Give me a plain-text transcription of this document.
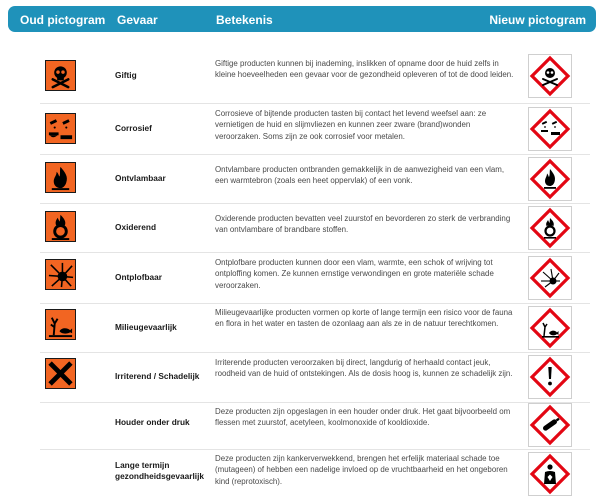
Oud pictogram Gevaar	Betekenis	Nieuw pictogram
Giftig
Giftige producten kunnen bij inademing, inslikken of opname door de huid zelfs in kleine hoeveelheden een gevaar voor de gezondheid opleveren of tot de dood leiden.
Corrosief
Corrosieve of bijtende producten tasten bij contact het levend weefsel aan: ze vernietigen de huid en slijmvliezen en kunnen zeer zware (brand)wonden veroorzaken. Soms zijn ze ook corrosief voor metalen.
Ontvlambaar
Ontvlambare producten ontbranden gemakkelijk in de aanwezigheid van een vlam, een warmtebron (zoals een heet oppervlak) of een vonk.
Oxiderend
Oxiderende producten bevatten veel zuurstof en bevorderen zo sterk de verbranding van ontvlambare of brandbare stoffen.
Ontplofbaar
Ontplofbare producten kunnen door een vlam, warmte, een schok of wrijving tot ontploffing komen. Ze kunnen ernstige verwondingen en grote materiële schade veroorzaken.
Milieugevaarlijk
Milieugevaarlijke producten vormen op korte of lange termijn een risico voor de fauna en flora in het water en tasten de ozonlaag aan als ze in de natuur terechtkomen.
Irriterend / Schadelijk
Irriterende producten veroorzaken bij direct, langdurig of herhaald contact jeuk, roodheid van de huid of ontstekingen. Als de dosis hoog is, kunnen ze schadelijk zijn.
Houder onder druk
Deze producten zijn opgeslagen in een houder onder druk. Het gaat bijvoorbeeld om flessen met zuurstof, acetyleen, koolmonoxide of kooldioxide.
Lange termijn gezondheidsgevaarlijk
Deze producten zijn kankerverwekkend, brengen het erfelijk materiaal schade toe (mutageen) of hebben een nadelige invloed op de vruchtbaarheid en het ongeboren kind (reprotoxisch).
